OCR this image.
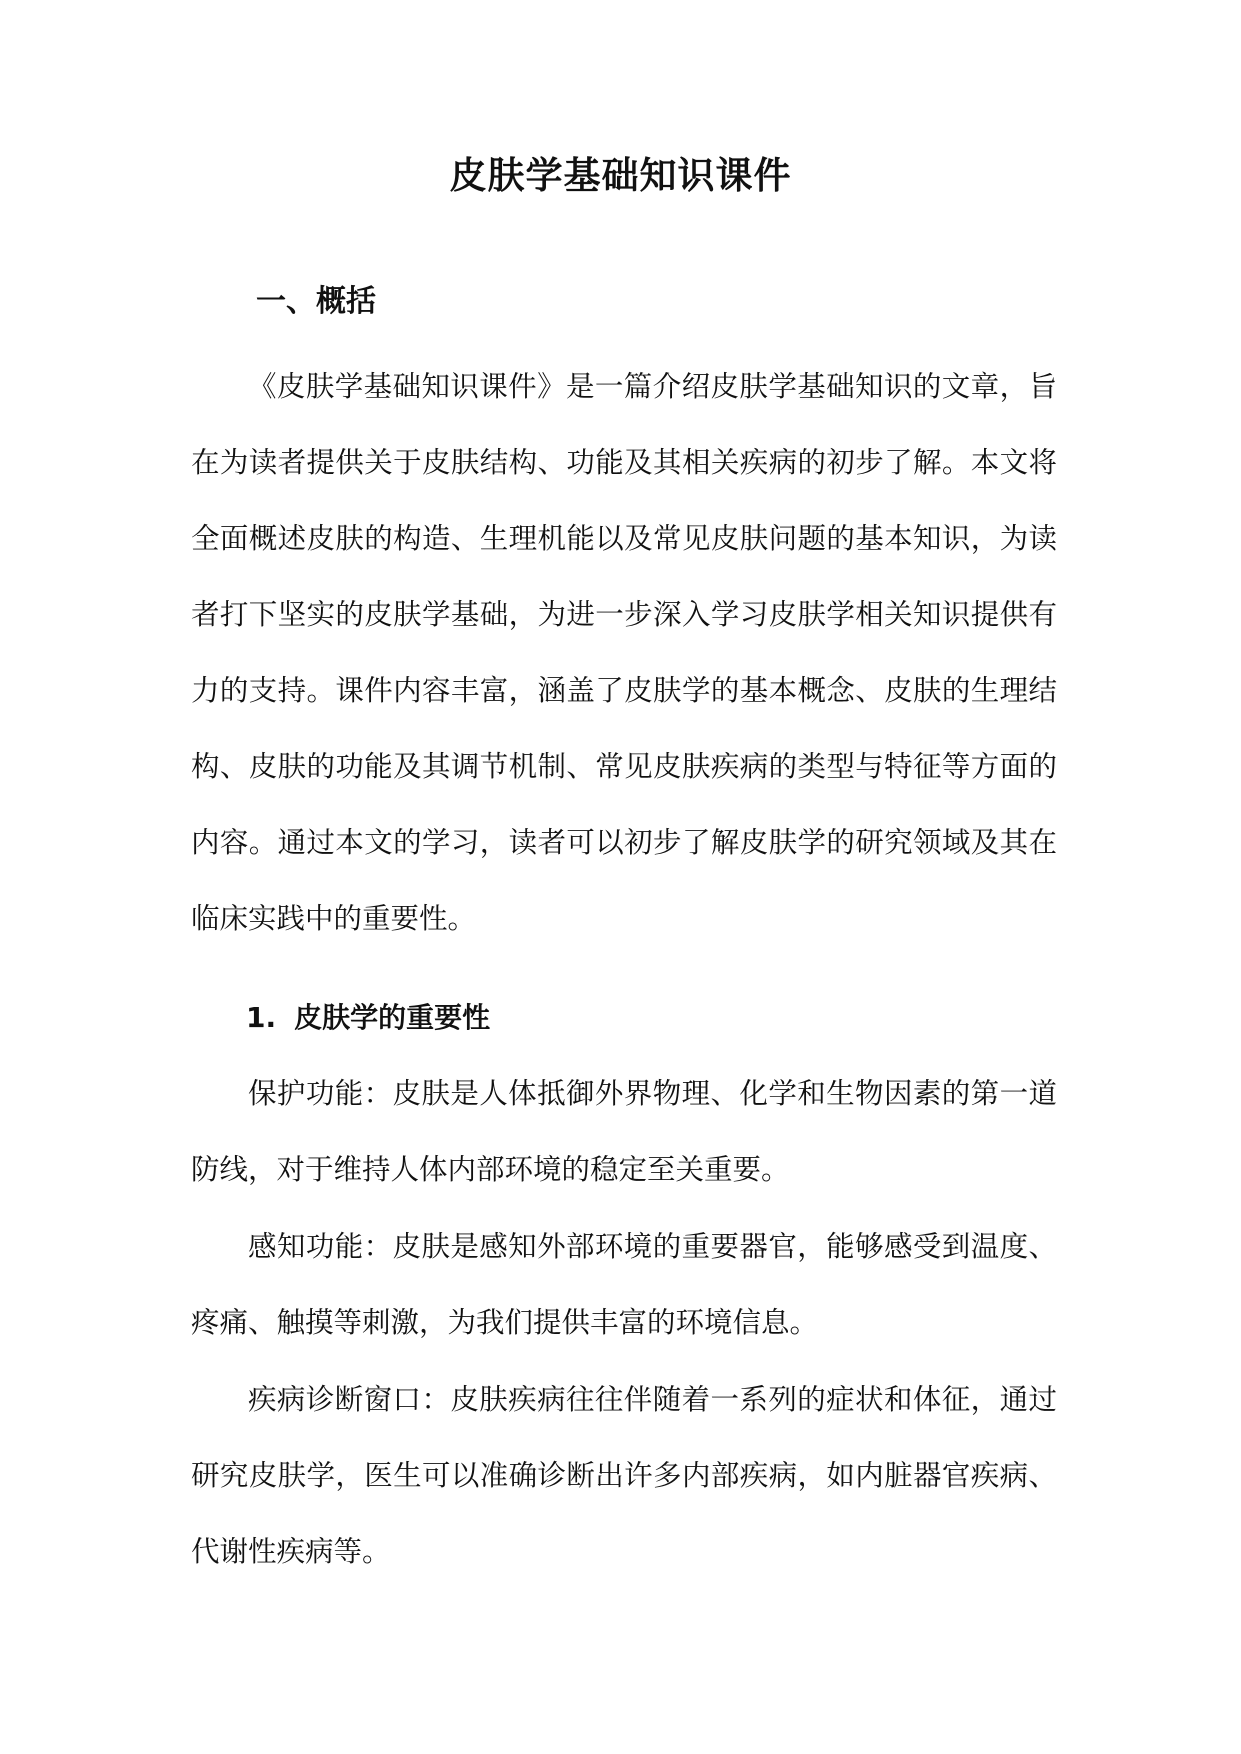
皮肤学基础知识课件
一、概括

《皮肤学基础知识课件》是一篇介绍皮肤学基础知识的文章，旨在为读者提供关于皮肤结构、功能及其相关疾病的初步了解。本文将全面概述皮肤的构造、生理机能以及常见皮肤问题的基本知识，为读者打下坚实的皮肤学基础，为进一步深入学习皮肤学相关知识提供有力的支持。课件内容丰富，涵盖了皮肤学的基本概念、皮肤的生理结构、皮肤的功能及其调节机制、常见皮肤疾病的类型与特征等方面的内容。通过本文的学习，读者可以初步了解皮肤学的研究领域及其在临床实践中的重要性。

1. 皮肤学的重要性

保护功能：皮肤是人体抵御外界物理、化学和生物因素的第一道防线，对于维持人体内部环境的稳定至关重要。

感知功能：皮肤是感知外部环境的重要器官，能够感受到温度、疼痛、触摸等刺激，为我们提供丰富的环境信息。

疾病诊断窗口：皮肤疾病往往伴随着一系列的症状和体征，通过研究皮肤学，医生可以准确诊断出许多内部疾病，如内脏器官疾病、代谢性疾病等。
